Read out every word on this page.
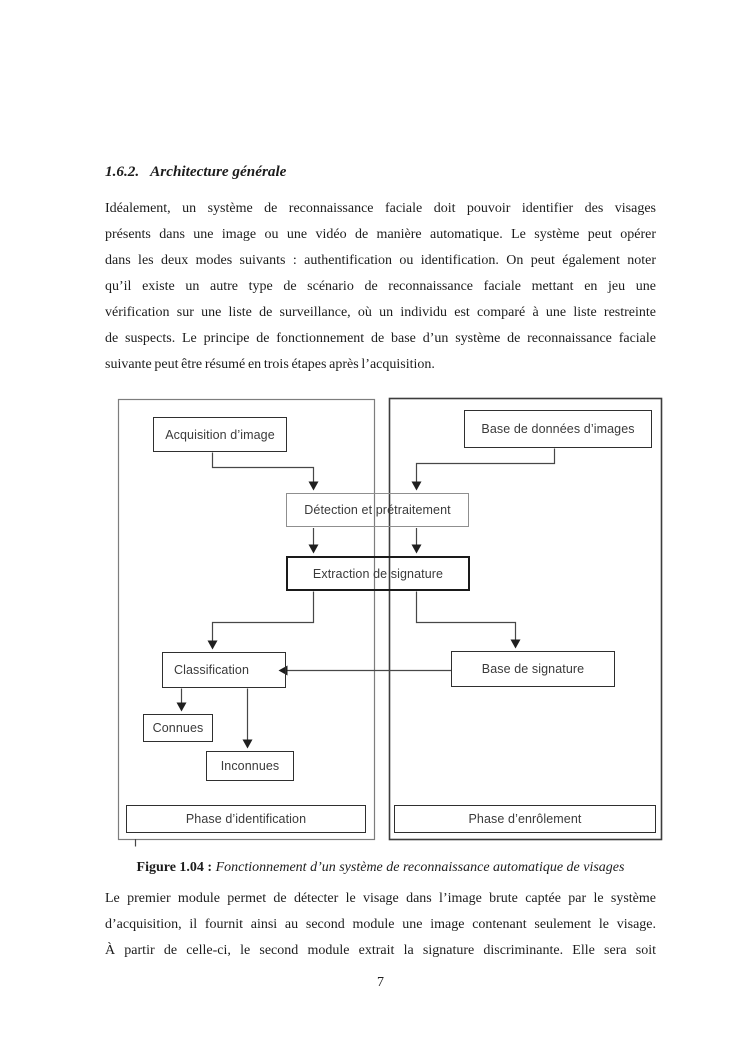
1.6.2. Architecture générale
Idéalement, un système de reconnaissance faciale doit pouvoir identifier des visages
présents dans une image ou une vidéo de manière automatique. Le système peut opérer
dans les deux modes suivants : authentification ou identification. On peut également noter
qu’il existe un autre type de scénario de reconnaissance faciale mettant en jeu une
vérification sur une liste de surveillance, où un individu est comparé à une liste restreinte
de suspects. Le principe de fonctionnement de base d’un système de reconnaissance faciale
suivante peut être résumé en trois étapes après l’acquisition.
Acquisition d’image	Base de données d’images
Détection et prétraitement
Extraction de signature
Classification	Base de signature
Connues
Inconnues
Phase d’identification	Phase d’enrôlement
Figure 1.04 : Fonctionnement d’un système de reconnaissance automatique de visages
Le premier module permet de détecter le visage dans l’image brute captée par le système
d’acquisition, il fournit ainsi au second module une image contenant seulement le visage.
À partir de celle-ci, le second module extrait la signature discriminante. Elle sera soit
7
